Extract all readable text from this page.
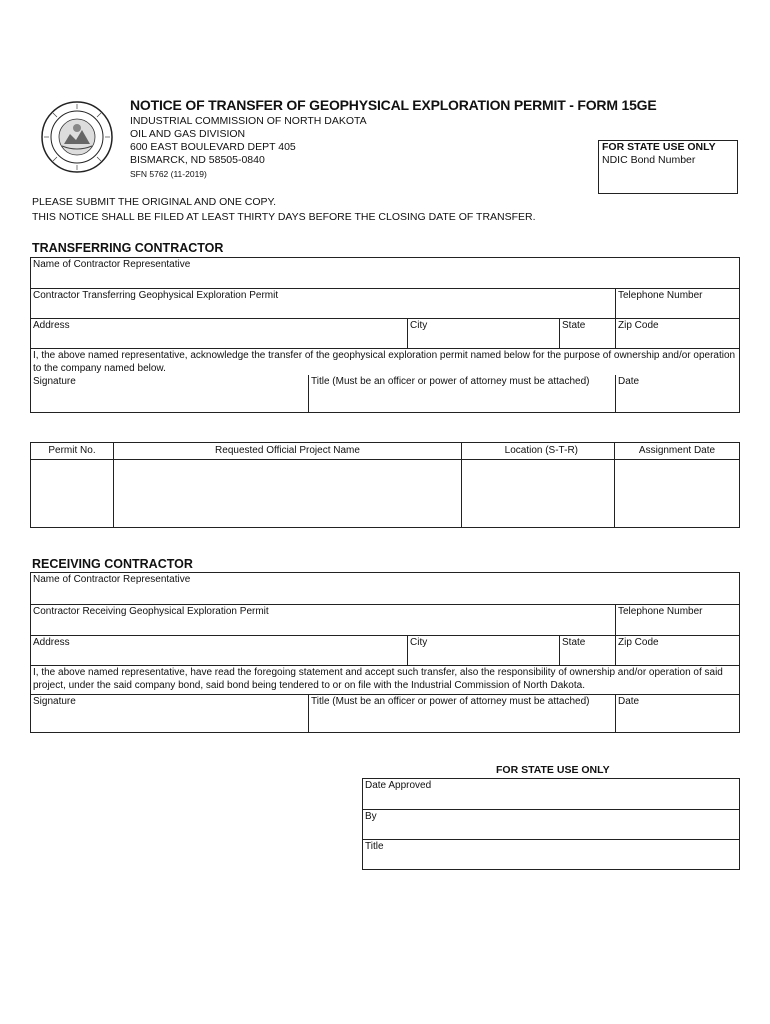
NOTICE OF TRANSFER OF GEOPHYSICAL EXPLORATION PERMIT - FORM 15GE
INDUSTRIAL COMMISSION OF NORTH DAKOTA
OIL AND GAS DIVISION
600 EAST BOULEVARD DEPT 405
BISMARCK, ND 58505-0840
SFN 5762 (11-2019)
FOR STATE USE ONLY
NDIC Bond Number
PLEASE SUBMIT THE ORIGINAL AND ONE COPY.
THIS NOTICE SHALL BE FILED AT LEAST THIRTY DAYS BEFORE THE CLOSING DATE OF TRANSFER.
TRANSFERRING CONTRACTOR
Name of Contractor Representative
Contractor Transferring Geophysical Exploration Permit	Telephone Number
Address	City	State	Zip Code
I, the above named representative, acknowledge the transfer of the geophysical exploration permit named below for the purpose of ownership and/or operation to the company named below.
Signature	Title (Must be an officer or power of attorney must be attached)	Date
Permit No.	Requested Official Project Name	Location (S-T-R)	Assignment Date
RECEIVING CONTRACTOR
Name of Contractor Representative
Contractor Receiving Geophysical Exploration Permit	Telephone Number
Address	City	State	Zip Code
I, the above named representative, have read the foregoing statement and accept such transfer, also the responsibility of ownership and/or operation of said project, under the said company bond, said bond being tendered to or on file with the Industrial Commission of North Dakota.
Signature	Title (Must be an officer or power of attorney must be attached)	Date
FOR STATE USE ONLY
Date Approved
By
Title
